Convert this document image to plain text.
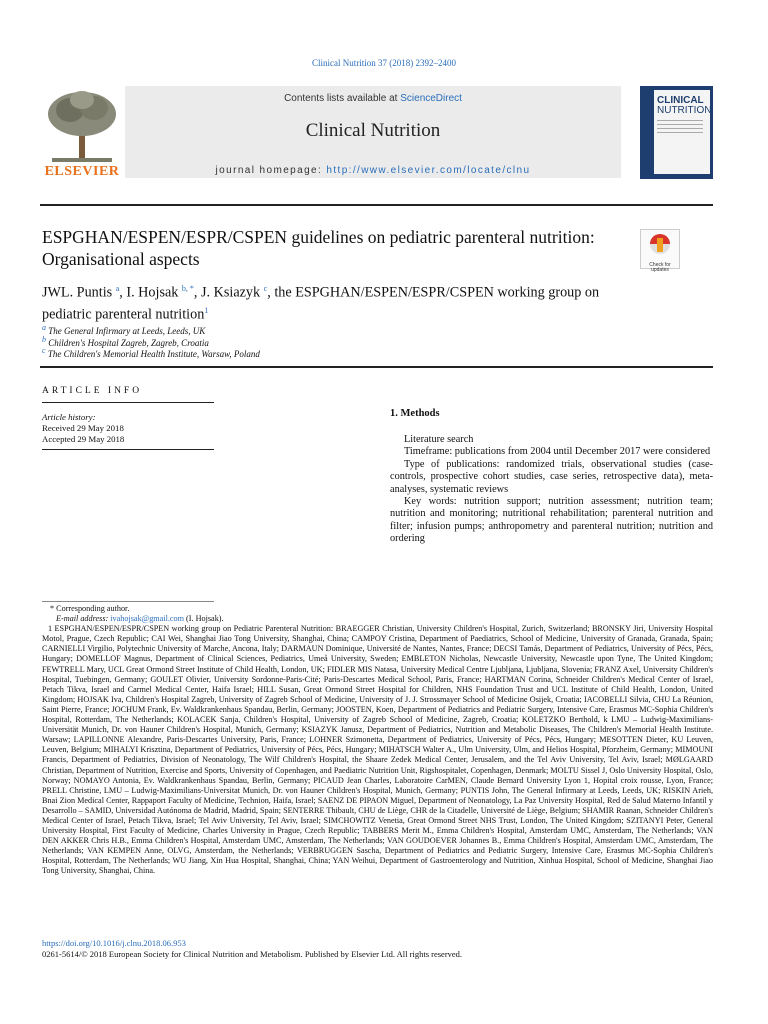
Clinical Nutrition 37 (2018) 2392–2400
ELSEVIER
Contents lists available at ScienceDirect
Clinical Nutrition
journal homepage: http://www.elsevier.com/locate/clnu
CLINICAL
NUTRITION
ESPGHAN/ESPEN/ESPR/CSPEN guidelines on pediatric parenteral nutrition: Organisational aspects	Check for updates
JWL. Puntis $^a$, I. Hojsak $^{b, *}$, J. Ksiazyk $^c$, the ESPGHAN/ESPEN/ESPR/CSPEN working group on pediatric parenteral nutrition$^1$
$^a$ The General Infirmary at Leeds, Leeds, UK
$^b$ Children's Hospital Zagreb, Zagreb, Croatia
$^c$ The Children's Memorial Health Institute, Warsaw, Poland
ARTICLE INFO
Article history:
Received 29 May 2018
Accepted 29 May 2018
1. Methods

Literature search

Timeframe: publications from 2004 until December 2017 were considered

Type of publications: randomized trials, observational studies (case-controls, prospective cohort studies, case series, retrospective data), meta-analyses, systematic reviews

Key words: nutrition support; nutrition assessment; nutrition team; nutrition and monitoring; nutritional rehabilitation; parenteral nutrition and filter; infusion pumps; anthropometry and parenteral nutrition; nutrition and ordering

* Corresponding author.

E-mail address: ivahojsak@gmail.com (I. Hojsak).

1 ESPGHAN/ESPEN/ESPR/CSPEN working group on Pediatric Parenteral Nutrition: BRAEGGER Christian, University Children's Hospital, Zurich, Switzerland; BRONSKY Jiri, University Hospital Motol, Prague, Czech Republic; CAI Wei, Shanghai Jiao Tong University, Shanghai, China; CAMPOY Cristina, Department of Paediatrics, School of Medicine, University of Granada, Granada, Spain; CARNIELLI Virgilio, Polytechnic University of Marche, Ancona, Italy; DARMAUN Dominique, Université de Nantes, Nantes, France; DECSI Tamás, Department of Pediatrics, University of Pécs, Pécs, Hungary; DOMELLOF Magnus, Department of Clinical Sciences, Pediatrics, Umeå University, Sweden; EMBLETON Nicholas, Newcastle University, Newcastle upon Tyne, The United Kingdom; FEWTRELL Mary, UCL Great Ormond Street Institute of Child Health, London, UK; FIDLER MIS Natasa, University Medical Centre Ljubljana, Ljubljana, Slovenia; FRANZ Axel, University Children's Hospital, Tuebingen, Germany; GOULET Olivier, University Sordonne-Paris-Cité; Paris-Descartes Medical School, Paris, France; HARTMAN Corina, Schneider Children's Medical Center of Israel, Petach Tikva, Israel and Carmel Medical Center, Haifa Israel; HILL Susan, Great Ormond Street Hospital for Children, NHS Foundation Trust and UCL Institute of Child Health, London, United Kingdom; HOJSAK Iva, Children's Hospital Zagreb, University of Zagreb School of Medicine, University of J. J. Strossmayer School of Medicine Osijek, Croatia; IACOBELLI Silvia, CHU La Réunion, Saint Pierre, France; JOCHUM Frank, Ev. Waldkrankenhaus Spandau, Berlin, Germany; JOOSTEN, Koen, Department of Pediatrics and Pediatric Surgery, Intensive Care, Erasmus MC-Sophia Children's Hospital, Rotterdam, The Netherlands; KOLACEK Sanja, Children's Hospital, University of Zagreb School of Medicine, Zagreb, Croatia; KOLETZKO Berthold, k LMU – Ludwig-Maximilians-Universität Munich, Dr. von Hauner Children's Hospital, Munich, Germany; KSIAZYK Janusz, Department of Pediatrics, Nutrition and Metabolic Diseases, The Children's Memorial Health Institute. Warsaw; LAPILLONNE Alexandre, Paris-Descartes University, Paris, France; LOHNER Szimonetta, Department of Pediatrics, University of Pécs, Pécs, Hungary; MESOTTEN Dieter, KU Leuven, Leuven, Belgium; MIHALYI Krisztina, Department of Pediatrics, University of Pécs, Pécs, Hungary; MIHATSCH Walter A., Ulm University, Ulm, and Helios Hospital, Pforzheim, Germany; MIMOUNI Francis, Department of Pediatrics, Division of Neonatology, The Wilf Children's Hospital, the Shaare Zedek Medical Center, Jerusalem, and the Tel Aviv University, Tel Aviv, Israel; MØLGAARD Christian, Department of Nutrition, Exercise and Sports, University of Copenhagen, and Paediatric Nutrition Unit, Rigshospitalet, Copenhagen, Denmark; MOLTU Sissel J, Oslo University Hospital, Oslo, Norway; NOMAYO Antonia, Ev. Waldkrankenhaus Spandau, Berlin, Germany; PICAUD Jean Charles, Laboratoire CarMEN, Claude Bernard University Lyon 1, Hopital croix rousse, Lyon, France; PRELL Christine, LMU – Ludwig-Maximilians-Universitat Munich, Dr. von Hauner Children's Hospital, Munich, Germany; PUNTIS John, The General Infirmary at Leeds, Leeds, UK; RISKIN Arieh, Bnai Zion Medical Center, Rappaport Faculty of Medicine, Technion, Haifa, Israel; SAENZ DE PIPAON Miguel, Department of Neonatology, La Paz University Hospital, Red de Salud Materno Infantil y Desarrollo – SAMID, Universidad Autónoma de Madrid, Madrid, Spain; SENTERRE Thibault, CHU de Liège, CHR de la Citadelle, Université de Liège, Belgium; SHAMIR Raanan, Schneider Children's Medical Center of Israel, Petach Tikva, Israel; Tel Aviv University, Tel Aviv, Israel; SIMCHOWITZ Venetia, Great Ormond Street NHS Trust, London, The United Kingdom; SZITANYI Peter, General University Hospital, First Faculty of Medicine, Charles University in Prague, Czech Republic; TABBERS Merit M., Emma Children's Hospital, Amsterdam UMC, Amsterdam, The Netherlands; VAN DEN AKKER Chris H.B., Emma Children's Hospital, Amsterdam UMC, Amsterdam, The Netherlands; VAN GOUDOEVER Johannes B., Emma Children's Hospital, Amsterdam UMC, Amsterdam, The Netherlands; VAN KEMPEN Anne, OLVG, Amsterdam, the Netherlands; VERBRUGGEN Sascha, Department of Pediatrics and Pediatric Surgery, Intensive Care, Erasmus MC-Sophia Children's Hospital, Rotterdam, The Netherlands; WU Jiang, Xin Hua Hospital, Shanghai, China; YAN Weihui, Department of Gastroenterology and Nutrition, Xinhua Hospital, School of Medicine, Shanghai Jiao Tong University, Shanghai, China.

https://doi.org/10.1016/j.clnu.2018.06.953
0261-5614/© 2018 European Society for Clinical Nutrition and Metabolism. Published by Elsevier Ltd. All rights reserved.
